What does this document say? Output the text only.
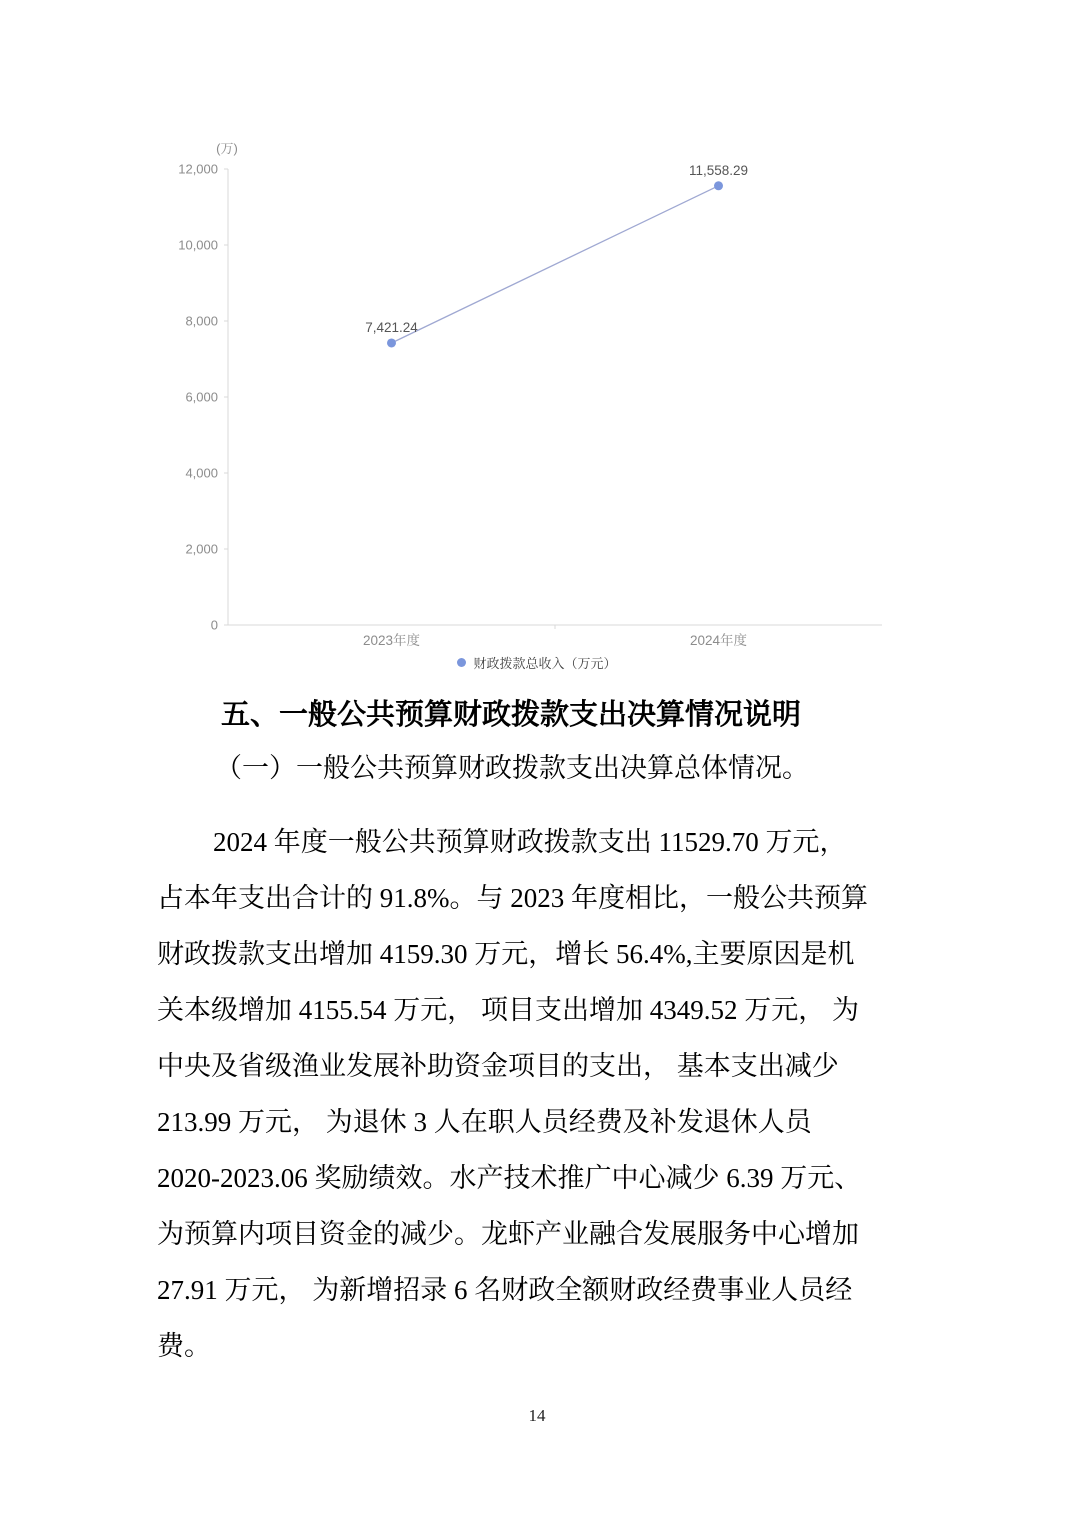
0
2,000
4,000
6,000
8,000
10,000
12,000
(万)
2023年度	2024年度
7,421.24
11,558.29
财政拨款总收入（万元）
五、一般公共预算财政拨款支出决算情况说明
（一）一般公共预算财政拨款支出决算总体情况。
2024 年度一般公共预算财政拨款支出 11529.70 万元，
占本年支出合计的 91.8%。与 2023 年度相比，一般公共预算
财政拨款支出增加 4159.30 万元，增长 56.4%,主要原因是机
关本级增加 4155.54 万元， 项目支出增加 4349.52 万元， 为
中央及省级渔业发展补助资金项目的支出， 基本支出减少
213.99 万元， 为退休 3 人在职人员经费及补发退休人员
2020-2023.06 奖励绩效。水产技术推广中心减少 6.39 万元、
为预算内项目资金的减少。龙虾产业融合发展服务中心增加
27.91 万元， 为新增招录 6 名财政全额财政经费事业人员经
费。
14
